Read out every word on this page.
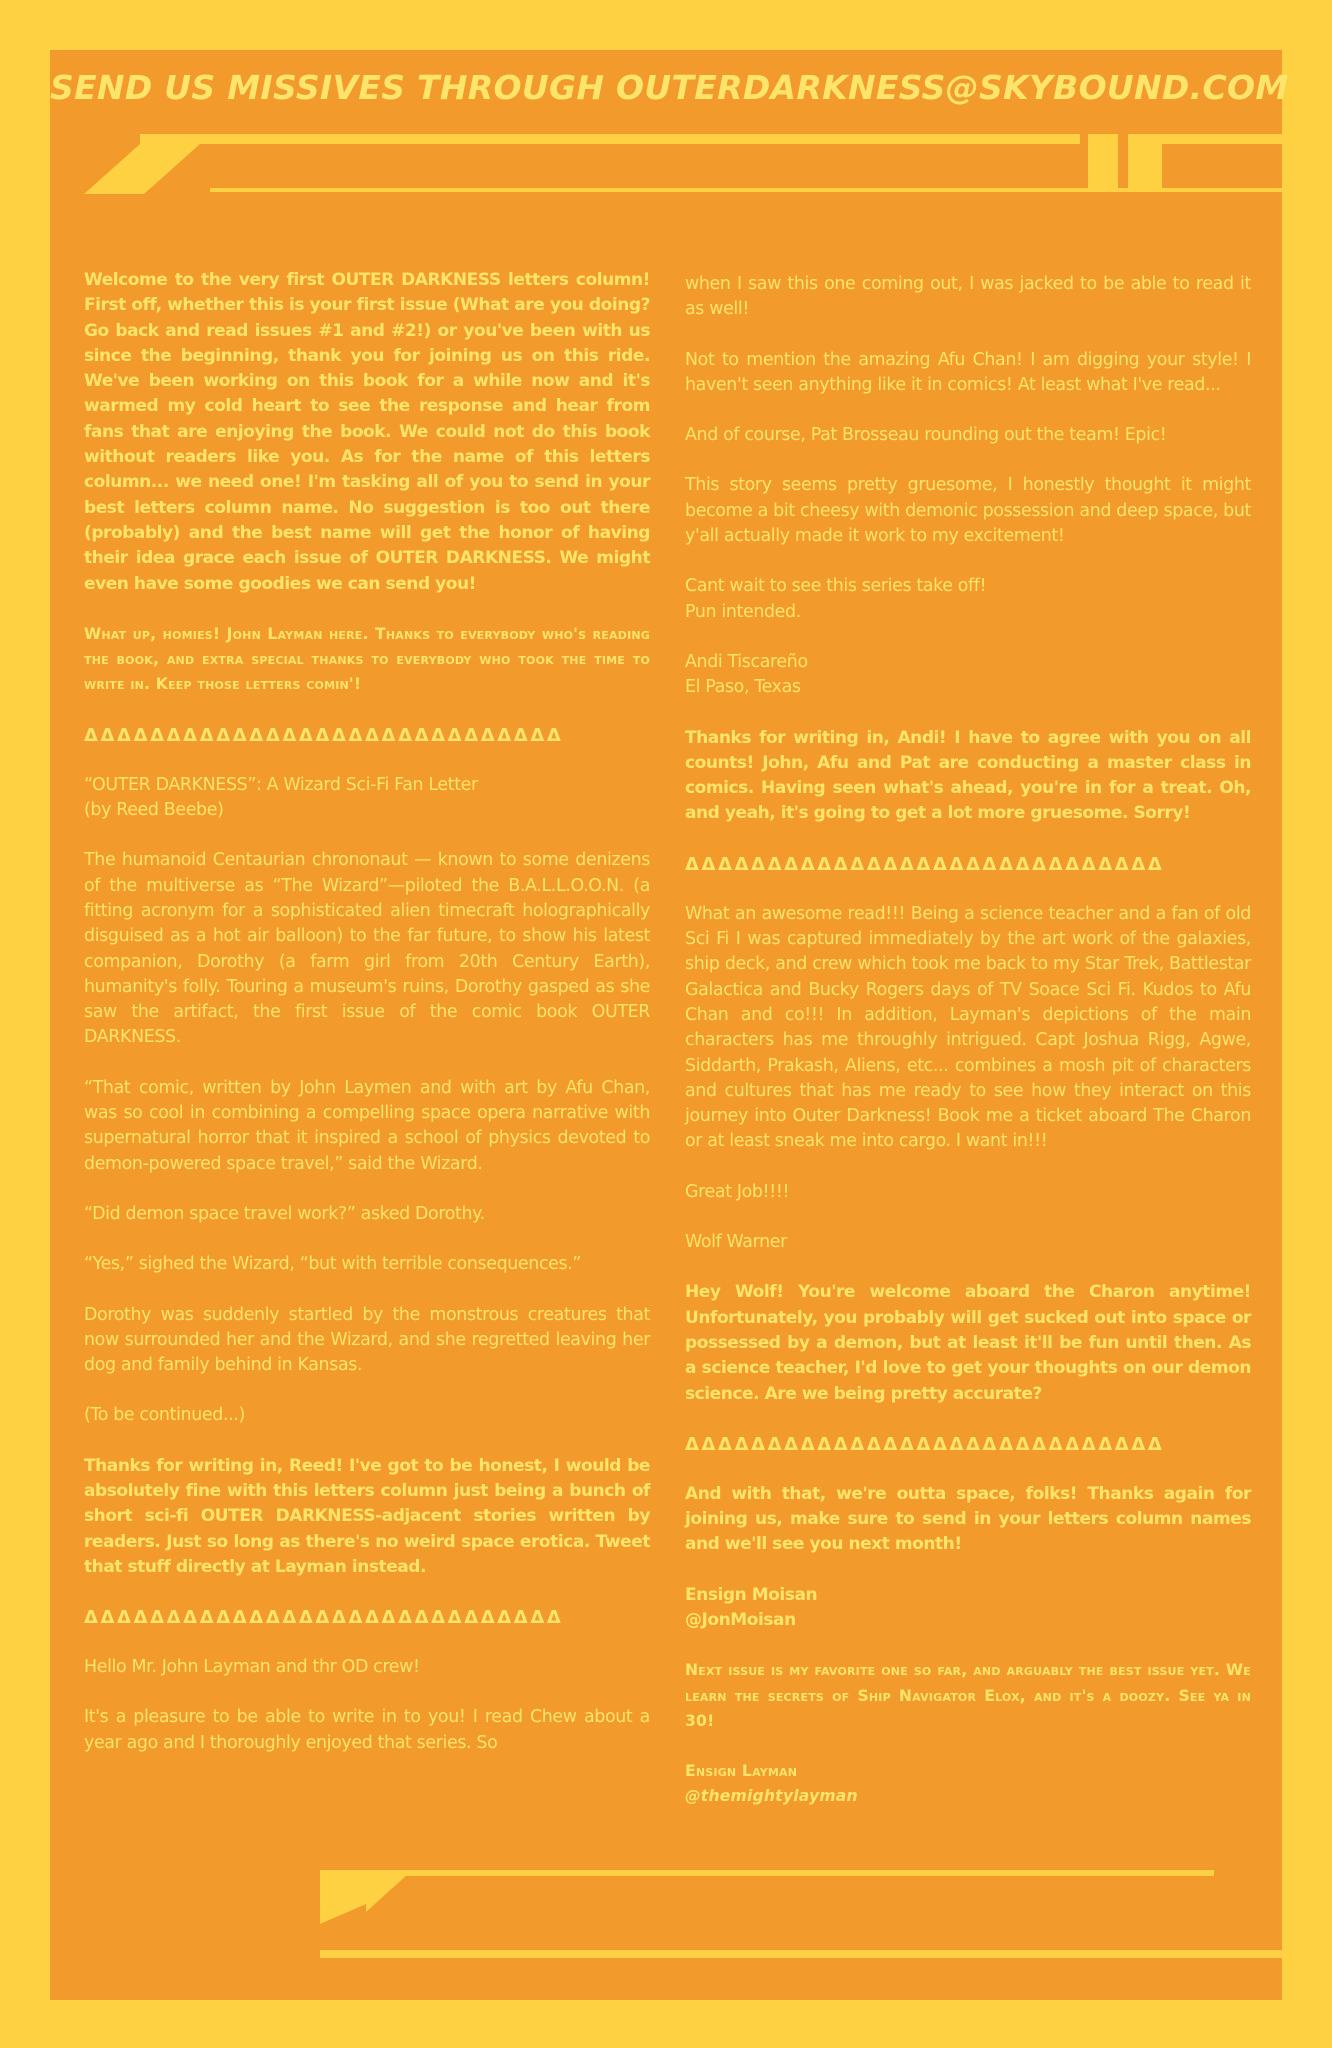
SEND US MISSIVES THROUGH OUTERDARKNESS@SKYBOUND.COM

Welcome to the very first OUTER DARKNESS letters column! First off, whether this is your first issue (What are you doing? Go back and read issues #1 and #2!) or you've been with us since the beginning, thank you for joining us on this ride. We've been working on this book for a while now and it's warmed my cold heart to see the response and hear from fans that are enjoying the book. We could not do this book without readers like you. As for the name of this letters column... we need one! I'm tasking all of you to send in your best letters column name. No suggestion is too out there (probably) and the best name will get the honor of having their idea grace each issue of OUTER DARKNESS. We might even have some goodies we can send you!

What up, homies! John Layman here. Thanks to everybody who's reading the book, and extra special thanks to everybody who took the time to write in. Keep those letters comin'!

ΔΔΔΔΔΔΔΔΔΔΔΔΔΔΔΔΔΔΔΔΔΔΔΔΔΔΔΔΔ

“OUTER DARKNESS”: A Wizard Sci-Fi Fan Letter
(by Reed Beebe)

The humanoid Centaurian chrononaut — known to some denizens of the multiverse as “The Wizard”—piloted the B.A.L.L.O.O.N. (a fitting acronym for a sophisticated alien timecraft holographically disguised as a hot air balloon) to the far future, to show his latest companion, Dorothy (a farm girl from 20th Century Earth), humanity's folly. Touring a museum's ruins, Dorothy gasped as she saw the artifact, the first issue of the comic book OUTER DARKNESS.

“That comic, written by John Laymen and with art by Afu Chan, was so cool in combining a compelling space opera narrative with supernatural horror that it inspired a school of physics devoted to demon-powered space travel,” said the Wizard.

“Did demon space travel work?” asked Dorothy.

“Yes,” sighed the Wizard, “but with terrible consequences.”

Dorothy was suddenly startled by the monstrous creatures that now surrounded her and the Wizard, and she regretted leaving her dog and family behind in Kansas.

(To be continued...)

Thanks for writing in, Reed! I've got to be honest, I would be absolutely fine with this letters column just being a bunch of short sci-fi OUTER DARKNESS-adjacent stories written by readers. Just so long as there's no weird space erotica. Tweet that stuff directly at Layman instead.

ΔΔΔΔΔΔΔΔΔΔΔΔΔΔΔΔΔΔΔΔΔΔΔΔΔΔΔΔΔ

Hello Mr. John Layman and thr OD crew!

It's a pleasure to be able to write in to you! I read Chew about a year ago and I thoroughly enjoyed that series. So

when I saw this one coming out, I was jacked to be able to read it as well!

Not to mention the amazing Afu Chan! I am digging your style! I haven't seen anything like it in comics! At least what I've read...

And of course, Pat Brosseau rounding out the team! Epic!

This story seems pretty gruesome, I honestly thought it might become a bit cheesy with demonic possession and deep space, but y'all actually made it work to my excitement!

Cant wait to see this series take off!
Pun intended.

Andi Tiscareño
El Paso, Texas

Thanks for writing in, Andi! I have to agree with you on all counts! John, Afu and Pat are conducting a master class in comics. Having seen what's ahead, you're in for a treat. Oh, and yeah, it's going to get a lot more gruesome. Sorry!

ΔΔΔΔΔΔΔΔΔΔΔΔΔΔΔΔΔΔΔΔΔΔΔΔΔΔΔΔΔ

What an awesome read!!! Being a science teacher and a fan of old Sci Fi I was captured immediately by the art work of the galaxies, ship deck, and crew which took me back to my Star Trek, Battlestar Galactica and Bucky Rogers days of TV Soace Sci Fi. Kudos to Afu Chan and co!!! In addition, Layman's depictions of the main characters has me throughly intrigued. Capt Joshua Rigg, Agwe, Siddarth, Prakash, Aliens, etc... combines a mosh pit of characters and cultures that has me ready to see how they interact on this journey into Outer Darkness! Book me a ticket aboard The Charon or at least sneak me into cargo. I want in!!!

Great Job!!!!

Wolf Warner

Hey Wolf! You're welcome aboard the Charon anytime! Unfortunately, you probably will get sucked out into space or possessed by a demon, but at least it'll be fun until then. As a science teacher, I'd love to get your thoughts on our demon science. Are we being pretty accurate?

ΔΔΔΔΔΔΔΔΔΔΔΔΔΔΔΔΔΔΔΔΔΔΔΔΔΔΔΔΔ

And with that, we're outta space, folks! Thanks again for joining us, make sure to send in your letters column names and we'll see you next month!

Ensign Moisan
@JonMoisan

Next issue is my favorite one so far, and arguably the best issue yet. We learn the secrets of Ship Navigator Elox, and it's a doozy. See ya in 30!

Ensign Layman
@themightylayman
